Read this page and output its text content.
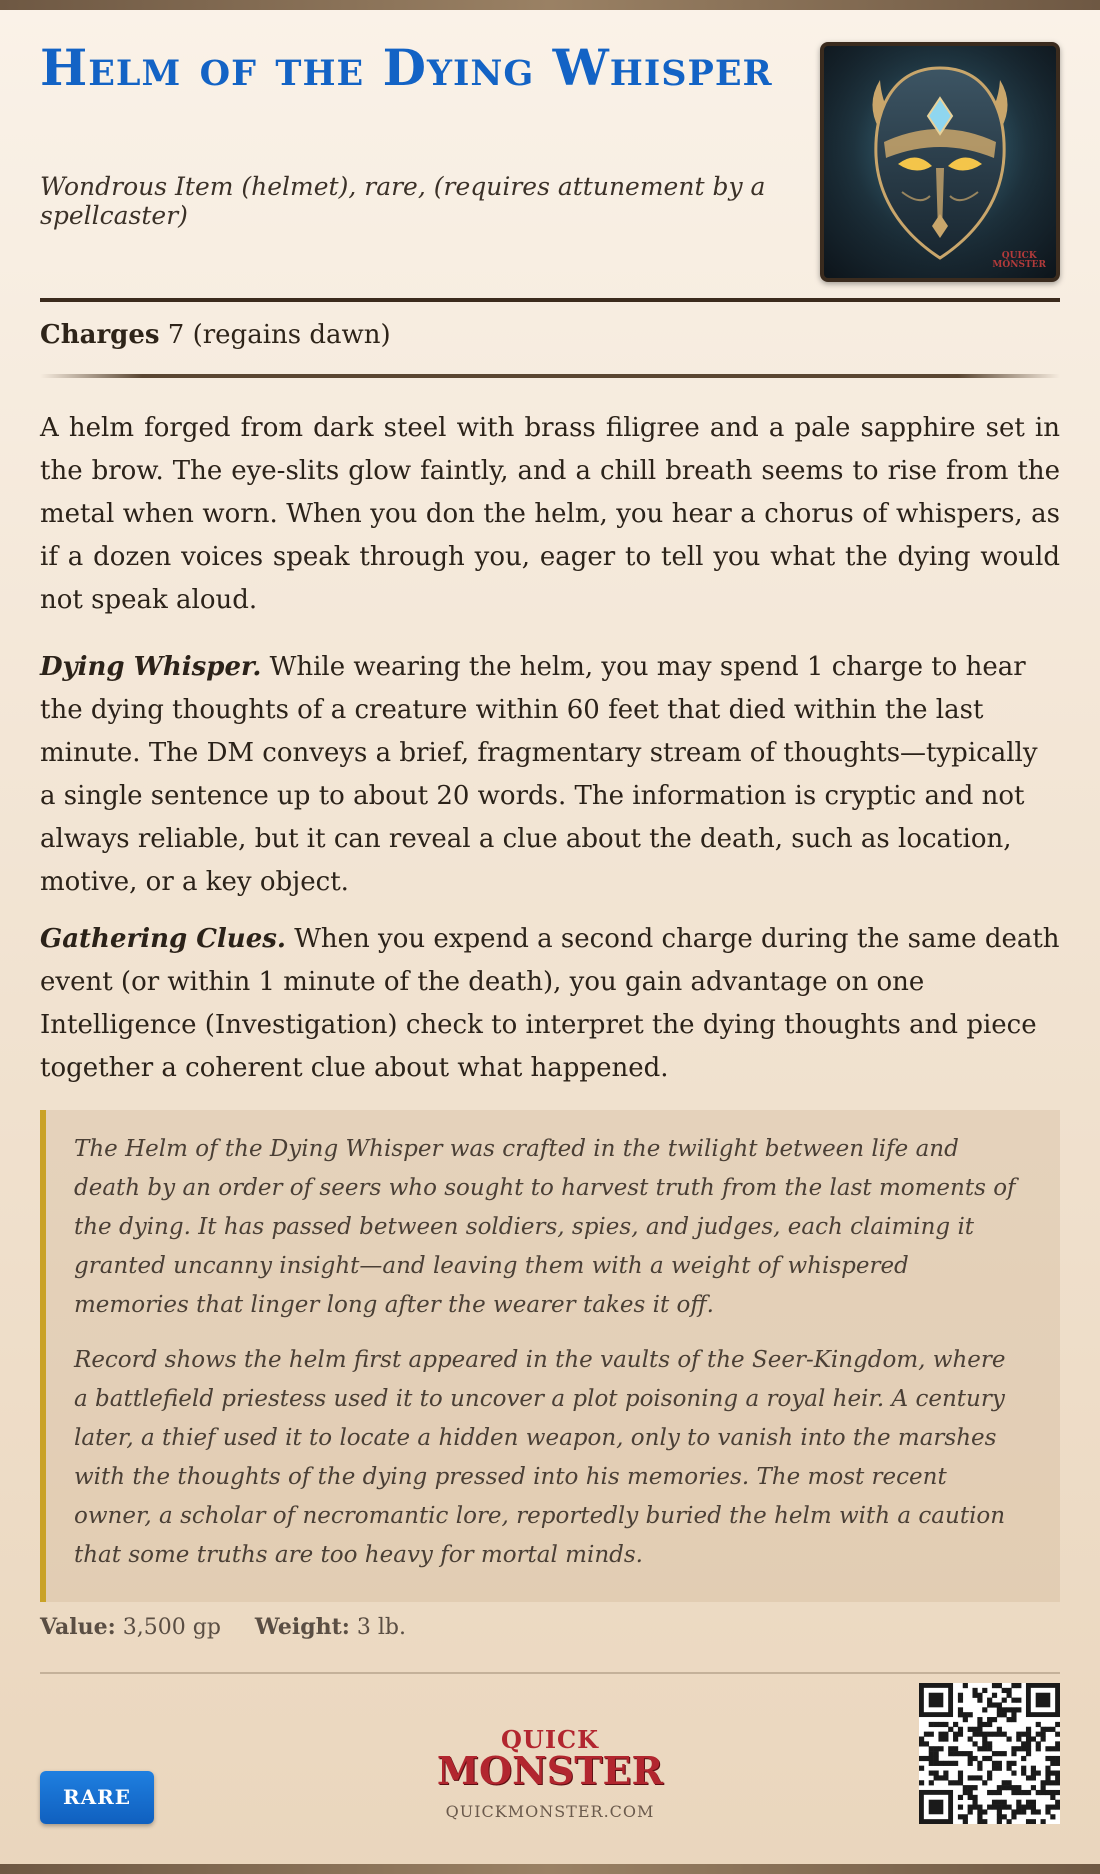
Helm of the Dying Whisper
Wondrous Item (helmet), rare, (requires attunement by a spellcaster)
QUICK
MONSTER
Charges 7 (regains dawn)

A helm forged from dark steel with brass filigree and a pale sapphire set in the brow. The eye-slits glow faintly, and a chill breath seems to rise from the metal when worn. When you don the helm, you hear a chorus of whispers, as if a dozen voices speak through you, eager to tell you what the dying would not speak aloud.

Dying Whisper. While wearing the helm, you may spend 1 charge to hear the dying thoughts of a creature within 60 feet that died within the last minute. The DM conveys a brief, fragmentary stream of thoughts—typically a single sentence up to about 20 words. The information is cryptic and not always reliable, but it can reveal a clue about the death, such as location, motive, or a key object.

Gathering Clues. When you expend a second charge during the same death event (or within 1 minute of the death), you gain advantage on one Intelligence (Investigation) check to interpret the dying thoughts and piece together a coherent clue about what happened.

The Helm of the Dying Whisper was crafted in the twilight between life and death by an order of seers who sought to harvest truth from the last moments of the dying. It has passed between soldiers, spies, and judges, each claiming it granted uncanny insight—and leaving them with a weight of whispered memories that linger long after the wearer takes it off.

Record shows the helm first appeared in the vaults of the Seer-Kingdom, where a battlefield priestess used it to uncover a plot poisoning a royal heir. A century later, a thief used it to locate a hidden weapon, only to vanish into the marshes with the thoughts of the dying pressed into his memories. The most recent owner, a scholar of necromantic lore, reportedly buried the helm with a caution that some truths are too heavy for mortal minds.

Value: 3,500 gp Weight: 3 lb.
RARE
QUICK
MONSTER
QUICKMONSTER.COM
